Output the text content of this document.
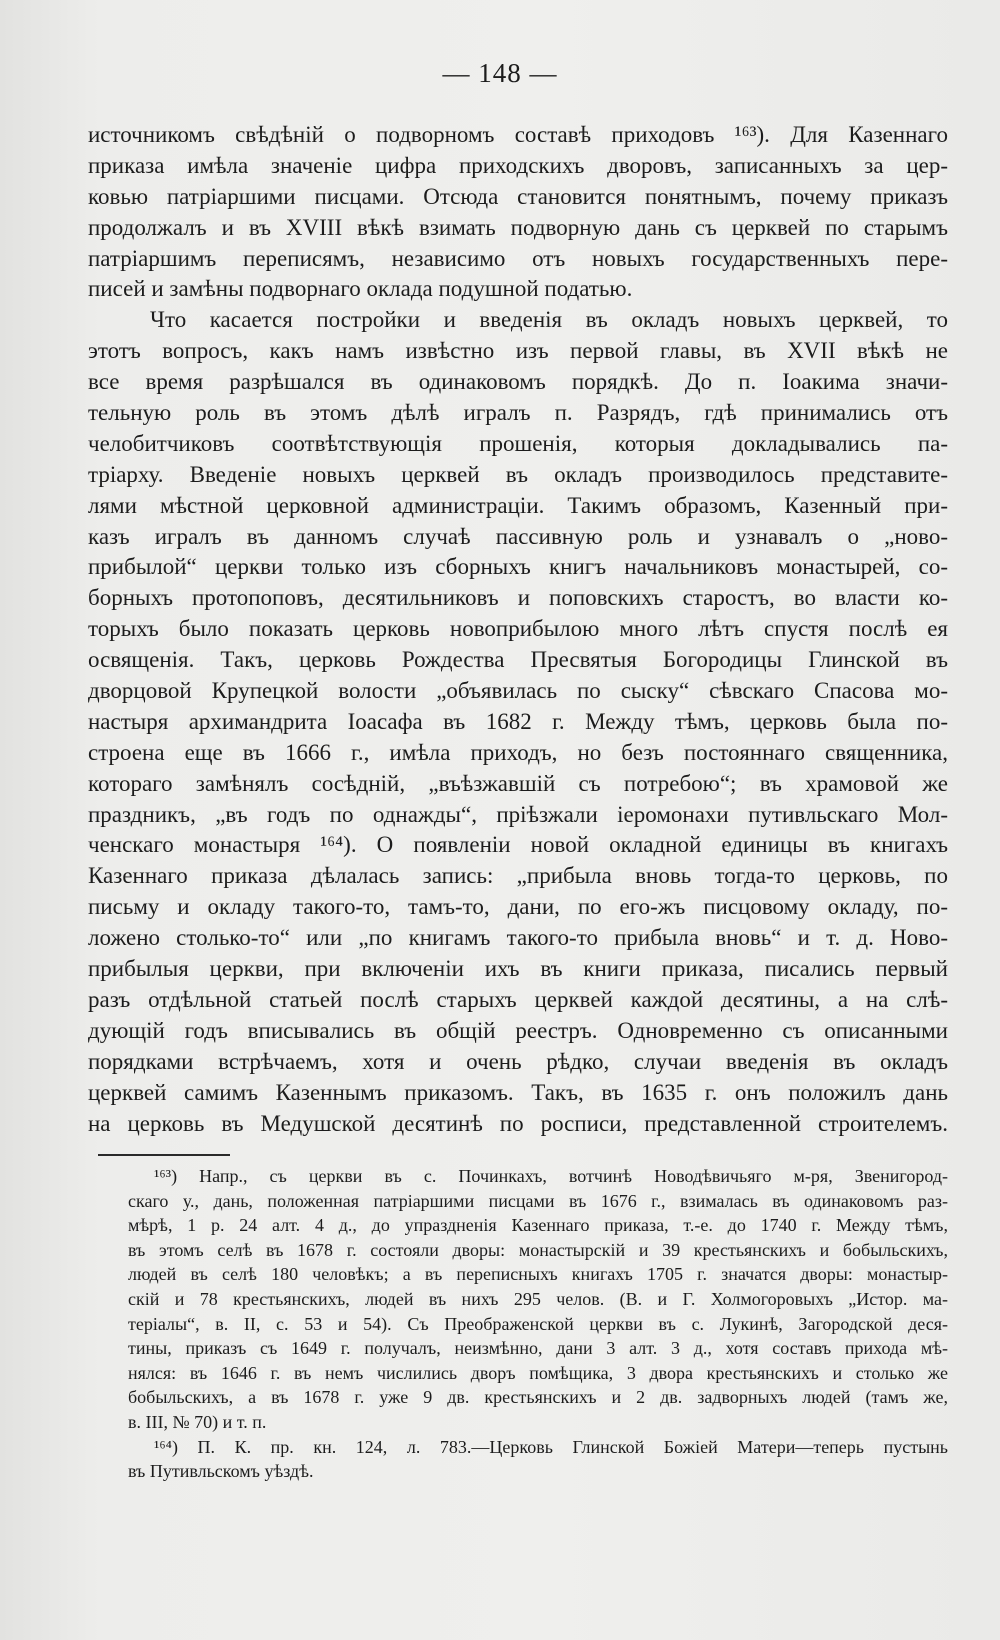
— 148 —
источникомъ свѣдѣній о подворномъ составѣ приходовъ ¹⁶³). Для Казеннаго
приказа имѣла значеніе цифра приходскихъ дворовъ, записанныхъ за цер-
ковью патріаршими писцами. Отсюда становится понятнымъ, почему приказъ
продолжалъ и въ XVIII вѣкѣ взимать подворную дань съ церквей по старымъ
патріаршимъ переписямъ, независимо отъ новыхъ государственныхъ пере-
писей и замѣны подворнаго оклада подушной податью.
Что касается постройки и введенія въ окладъ новыхъ церквей, то
этотъ вопросъ, какъ намъ извѣстно изъ первой главы, въ XVII вѣкѣ не
все время разрѣшался въ одинаковомъ порядкѣ. До п. Іоакима значи-
тельную роль въ этомъ дѣлѣ игралъ п. Разрядъ, гдѣ принимались отъ
челобитчиковъ соотвѣтствующія прошенія, которыя докладывались па-
тріарху. Введеніе новыхъ церквей въ окладъ производилось представите-
лями мѣстной церковной администраціи. Такимъ образомъ, Казенный при-
казъ игралъ въ данномъ случаѣ пассивную роль и узнавалъ о „ново-
прибылой“ церкви только изъ сборныхъ книгъ начальниковъ монастырей, со-
борныхъ протопоповъ, десятильниковъ и поповскихъ старостъ, во власти ко-
торыхъ было показать церковь новоприбылою много лѣтъ спустя послѣ ея
освященія. Такъ, церковь Рождества Пресвятыя Богородицы Глинской въ
дворцовой Крупецкой волости „объявилась по сыску“ сѣвскаго Спасова мо-
настыря архимандрита Іоасафа въ 1682 г. Между тѣмъ, церковь была по-
строена еще въ 1666 г., имѣла приходъ, но безъ постояннаго священника,
котораго замѣнялъ сосѣдній, „въѣзжавшій съ потребою“; въ храмовой же
праздникъ, „въ годъ по однажды“, пріѣзжали іеромонахи путивльскаго Мол-
ченскаго монастыря ¹⁶⁴). О появленіи новой окладной единицы въ книгахъ
Казеннаго приказа дѣлалась запись: „прибыла вновь тогда-то церковь, по
письму и окладу такого-то, тамъ-то, дани, по его-жъ писцовому окладу, по-
ложено столько-то“ или „по книгамъ такого-то прибыла вновь“ и т. д. Ново-
прибылыя церкви, при включеніи ихъ въ книги приказа, писались первый
разъ отдѣльной статьей послѣ старыхъ церквей каждой десятины, а на слѣ-
дующій годъ вписывались въ общій реестръ. Одновременно съ описанными
порядками встрѣчаемъ, хотя и очень рѣдко, случаи введенія въ окладъ
церквей самимъ Казеннымъ приказомъ. Такъ, въ 1635 г. онъ положилъ дань
на церковь въ Медушской десятинѣ по росписи, представленной строителемъ.
¹⁶³) Напр., съ церкви въ с. Починкахъ, вотчинѣ Новодѣвичьяго м-ря, Звенигород-
скаго у., дань, положенная патріаршими писцами въ 1676 г., взималась въ одинаковомъ раз-
мѣрѣ, 1 р. 24 алт. 4 д., до упраздненія Казеннаго приказа, т.-е. до 1740 г. Между тѣмъ,
въ этомъ селѣ въ 1678 г. состояли дворы: монастырскій и 39 крестьянскихъ и бобыльскихъ,
людей въ селѣ 180 человѣкъ; а въ переписныхъ книгахъ 1705 г. значатся дворы: монастыр-
скій и 78 крестьянскихъ, людей въ нихъ 295 челов. (В. и Г. Холмогоровыхъ „Истор. ма-
теріалы“, в. II, с. 53 и 54). Съ Преображенской церкви въ с. Лукинѣ, Загородской деся-
тины, приказъ съ 1649 г. получалъ, неизмѣнно, дани 3 алт. 3 д., хотя составъ прихода мѣ-
нялся: въ 1646 г. въ немъ числились дворъ помѣщика, 3 двора крестьянскихъ и столько же
бобыльскихъ, а въ 1678 г. уже 9 дв. крестьянскихъ и 2 дв. задворныхъ людей (тамъ же,
в. III, № 70) и т. п.
¹⁶⁴) П. К. пр. кн. 124, л. 783.—Церковь Глинской Божіей Матери—теперь пустынь
въ Путивльскомъ уѣздѣ.
